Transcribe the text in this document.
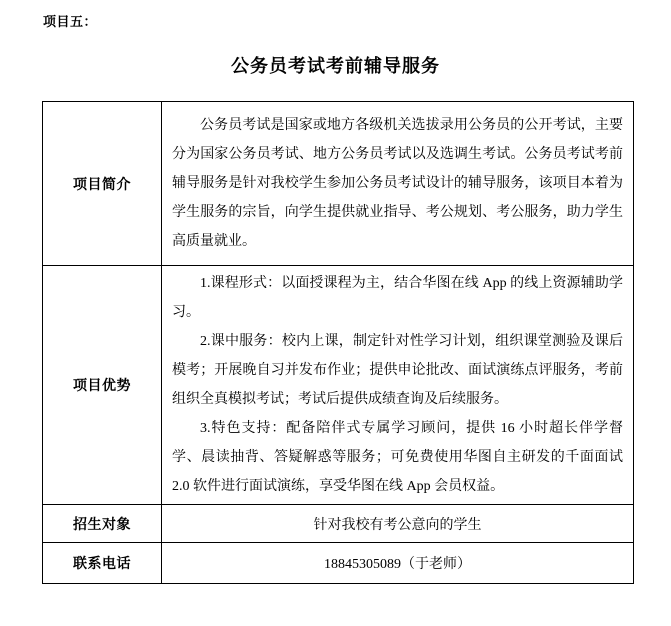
项目五：
公务员考试考前辅导服务
项目简介	公务员考试是国家或地方各级机关选拔录用公务员的公开考试，主要分为国家公务员考试、地方公务员考试以及选调生考试。公务员考试考前辅导服务是针对我校学生参加公务员考试设计的辅导服务，该项目本着为学生服务的宗旨，向学生提供就业指导、考公规划、考公服务，助力学生高质量就业。

项目优势	1.课程形式：以面授课程为主，结合华图在线 App 的线上资源辅助学习。

2.课中服务：校内上课，制定针对性学习计划，组织课堂测验及课后模考；开展晚自习并发布作业；提供申论批改、面试演练点评服务，考前组织全真模拟考试；考试后提供成绩查询及后续服务。

3.特色支持：配备陪伴式专属学习顾问，提供 16 小时超长伴学督学、晨读抽背、答疑解惑等服务；可免费使用华图自主研发的千面面试 2.0 软件进行面试演练，享受华图在线 App 会员权益。

招生对象	针对我校有考公意向的学生

联系电话	18845305089（于老师）
